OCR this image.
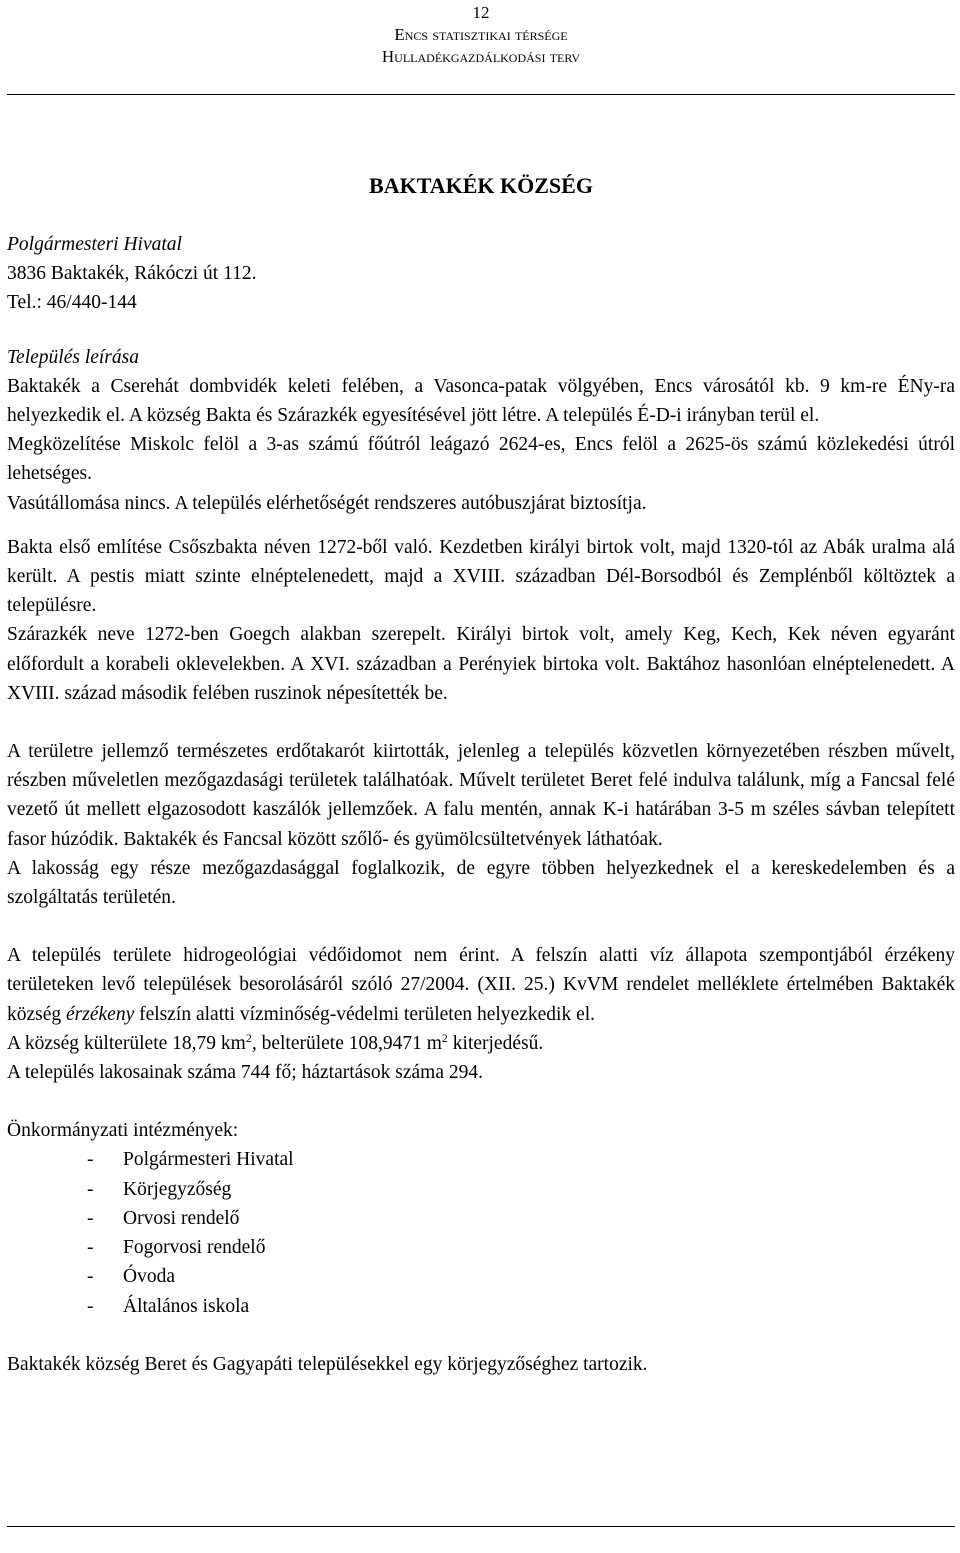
12
Encs statisztikai térsége
Hulladékgazdálkodási terv
BAKTAKÉK KÖZSÉG
Polgármesteri Hivatal
3836 Baktakék, Rákóczi út 112.
Tel.: 46/440-144
Település leírása

Baktakék a Cserehát dombvidék keleti felében, a Vasonca-patak völgyében, Encs városától kb. 9 km-re ÉNy-ra helyezkedik el. A község Bakta és Szárazkék egyesítésével jött létre. A település É-D-i irányban terül el.

Megközelítése Miskolc felöl a 3-as számú főútról leágazó 2624-es, Encs felöl a 2625-ös számú közlekedési útról lehetséges.

Vasútállomása nincs. A település elérhetőségét rendszeres autóbuszjárat biztosítja.

Bakta első említése Csőszbakta néven 1272-ből való. Kezdetben királyi birtok volt, majd 1320-tól az Abák uralma alá került. A pestis miatt szinte elnéptelenedett, majd a XVIII. században Dél-Borsodból és Zemplénből költöztek a településre.

Szárazkék neve 1272-ben Goegch alakban szerepelt. Királyi birtok volt, amely Keg, Kech, Kek néven egyaránt előfordult a korabeli oklevelekben. A XVI. században a Perényiek birtoka volt. Baktához hasonlóan elnéptelenedett. A XVIII. század második felében ruszinok népesítették be.

A területre jellemző természetes erdőtakarót kiirtották, jelenleg a település közvetlen környezetében részben művelt, részben műveletlen mezőgazdasági területek találhatóak. Művelt területet Beret felé indulva találunk, míg a Fancsal felé vezető út mellett elgazosodott kaszálók jellemzőek. A falu mentén, annak K-i határában 3-5 m széles sávban telepített fasor húzódik. Baktakék és Fancsal között szőlő- és gyümölcsültetvények láthatóak.

A lakosság egy része mezőgazdasággal foglalkozik, de egyre többen helyezkednek el a kereskedelemben és a szolgáltatás területén.

A település területe hidrogeológiai védőidomot nem érint. A felszín alatti víz állapota szempontjából érzékeny területeken levő települések besorolásáról szóló 27/2004. (XII. 25.) KvVM rendelet melléklete értelmében Baktakék község érzékeny felszín alatti vízminőség-védelmi területen helyezkedik el.

A község külterülete 18,79 $km^2$, belterülete 108,9471 $m^2$ kiterjedésű.

A település lakosainak száma 744 fő; háztartások száma 294.

Önkormányzati intézmények:
- Polgármesteri Hivatal
- Körjegyzőség
- Orvosi rendelő
- Fogorvosi rendelő
- Óvoda
- Általános iskola

Baktakék község Beret és Gagyapáti településekkel egy körjegyzőséghez tartozik.
